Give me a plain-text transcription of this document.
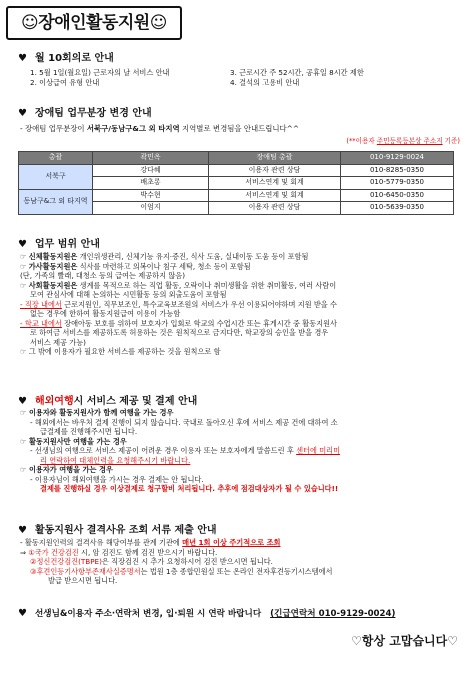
☺장애인활동지원☺
♥ 월 10회의로 안내
1. 5월 1일(월요일) 근로자의 날 서비스 안내	3. 근로시간 주 52시간, 공휴일 8시간 제한
2. 이상급여 유형 안내	4. 결석의 고용비 안내
♥ 장애팀 업무분장 변경 안내
- 장애팀 업무분장이 서북구/동남구&그 외 타지역 지역별로 변경됨을 안내드립니다^^
(**이용자 주민등록등본상 주소지 기준)
총괄	곽민옥	장애팀 총괄	010-9129-0024
서북구	강다혜	이용자 관련 상담	010-8285-0350
	배초롱	서비스연계 및 회계	010-5779-0350
동남구&그 외 타지역	박수현	서비스연계 및 회계	010-6450-0350
	이엄지	이용자 관련 상담	010-5639-0350
♥ 업무 범위 안내

☞ 신체활동지원은 개인위생관리, 신체기능 유지·증진, 식사 도움, 실내이동 도움 등이 포함됨

☞ 가사활동지원은 식사를 마련하고 의복이나 침구 세탁, 청소 등이 포함됨

(단, 가족의 빨래, 대청소 등의 급여는 제공하지 않음)

☞ 사회활동지원은 생계를 목적으로 하는 직업 활동, 오락이나 취미생활을 위한 취미활동, 여러 사람이

모여 관심사에 대해 논의하는 시민활동 등의 외출도움이 포함됨

- 직장 내에서 근로지원인, 직무보조인, 특수교육보조원의 서비스가 우선 이용되어야하며 지원 받을 수

없는 경우에 한하여 활동지원급여 이용이 가능함

- 학교 내에서 장애아동 보호를 위하여 보호자가 입회로 학교의 수업시간 또는 휴게시간 중 활동지원사

로 하여금 서비스를 제공하도록 허용하는 것은 원칙적으로 금지다만, 학교장의 승인을 받을 경우

서비스 제공 가능)

☞ 그 밖에 이용자가 필요한 서비스를 제공하는 것을 원칙으로 함

♥ 해외여행 시 서비스 제공 및 결제 안내

☞ 이용자와 활동지원사가 함께 여행을 가는 경우

- 해외에서는 바우처 결제 진행이 되지 않습니다. 국내로 돌아오신 후에 서비스 제공 건에 대하여 소

급결제를 진행해주시면 됩니다.

☞ 활동지원사만 여행을 가는 경우

- 선생님의 여행으로 서비스 제공이 어려운 경우 이용자 또는 보호자에게 말씀드린 후 센터에 미리미

리 연락하여 대체인력을 요청해주시기 바랍니다.

☞ 이용자가 여행을 가는 경우

- 이용자님이 해외여행을 가시는 경우 결제는 안 됩니다.

결제를 진행하실 경우 이상결제로 청구할비 처리됩니다. 추후에 점검대상자가 될 수 있습니다!!

♥ 활동지원사 결격사유 조회 서류 제출 안내

- 활동지원인력의 결격사유 해당여부를 관계 기관에 매년 1회 이상 주기적으로 조회

⇒ ①국가 건강검진 시, 암 검진도 함께 검진 받으시기 바랍니다.

②정신건강검진(TBPE)은 직장검진 시 추가 요청하시어 검진 받으시면 됩니다.

③후견인등기사항부존재사실증명서는 법원 1층 종합민원실 또는 온라인 전자후견등기시스템에서

발급 받으시면 됩니다.

♥ 선생님&이용자 주소·연락처 변경, 입·퇴원 시 연락 바랍니다 (긴급연락처 010-9129-0024)
♡항상 고맙습니다♡
